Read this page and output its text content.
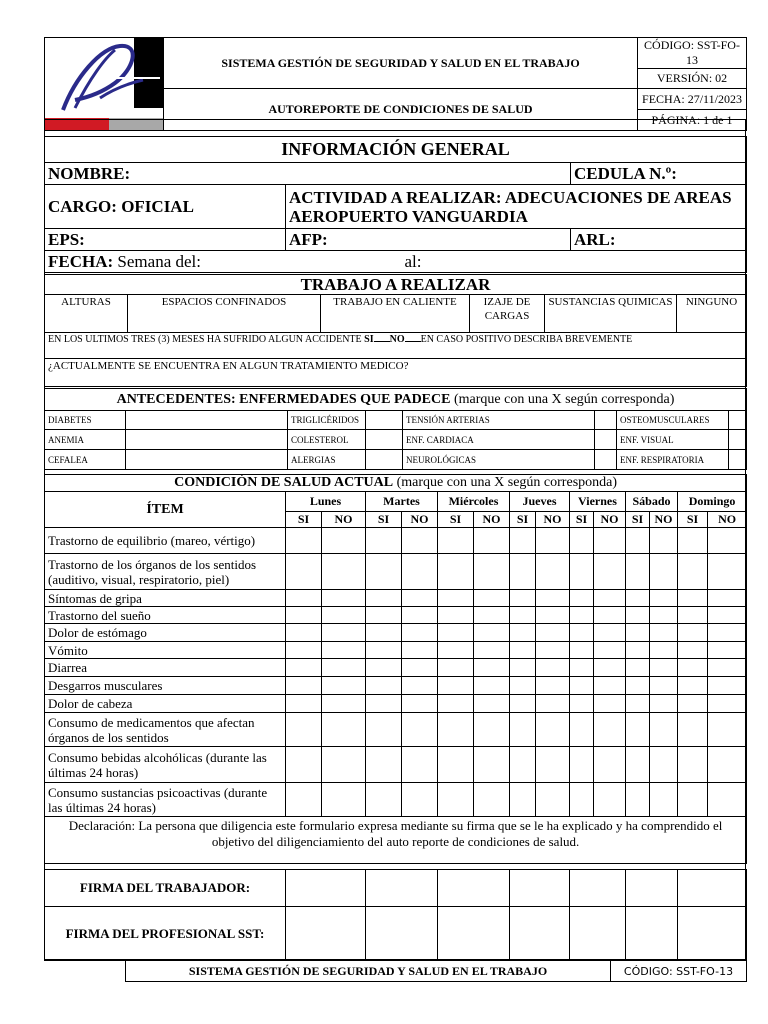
	SISTEMA GESTIÓN DE SEGURIDAD Y SALUD EN EL TRABAJO	CÓDIGO: SST-FO-13
		VERSIÓN: 02
	AUTOREPORTE DE CONDICIONES DE SALUD	FECHA: 27/11/2023
		PÁGINA: 1 de 1
INFORMACIÓN GENERAL		
NOMBRE:		CEDULA N.º:
CARGO: OFICIAL	ACTIVIDAD A REALIZAR: ADECUACIONES DE AREAS AEROPUERTO VANGUARDIA	
EPS:	AFP:	ARL:
FECHA: Semana del: al:		
TRABAJO A REALIZAR
ALTURAS	ESPACIOS CONFINADOS	TRABAJO EN CALIENTE	IZAJE DE CARGAS	SUSTANCIAS QUIMICAS	NINGUNO
EN LOS ULTIMOS TRES (3) MESES HA SUFRIDO ALGUN ACCIDENTE SI NO EN CASO POSITIVO DESCRIBA BREVEMENTE
¿ACTUALMENTE SE ENCUENTRA EN ALGUN TRATAMIENTO MEDICO?
ANTECEDENTES: ENFERMEDADES QUE PADECE (marque con una X según corresponda)							
DIABETES		TRIGLICÉRIDOS		TENSIÓN ARTERIAS		OSTEOMUSCULARES	
ANEMIA		COLESTEROL		ENF. CARDIACA		ENF. VISUAL	
CEFALEA		ALERGIAS		NEUROLÓGICAS		ENF. RESPIRATORIA	
CONDICIÓN DE SALUD ACTUAL (marque con una X según corresponda)														
ÍTEM	Lunes		Martes		Miércoles		Jueves		Viernes		Sábado		Domingo	
	SI	NO	SI	NO	SI	NO	SI	NO	SI	NO	SI	NO	SI	NO
Trastorno de equilibrio (mareo, vértigo)														
Trastorno de los órganos de los sentidos (auditivo, visual, respiratorio, piel)														
Síntomas de gripa														
Trastorno del sueño														
Dolor de estómago														
Vómito														
Diarrea														
Desgarros musculares														
Dolor de cabeza														
Consumo de medicamentos que afectan órganos de los sentidos														
Consumo bebidas alcohólicas (durante las últimas 24 horas)														
Consumo sustancias psicoactivas (durante las últimas 24 horas)														
Declaración: La persona que diligencia este formulario expresa mediante su firma que se le ha explicado y ha comprendido el objetivo del diligenciamiento del auto reporte de condiciones de salud.														
FIRMA DEL TRABAJADOR:							
FIRMA DEL PROFESIONAL SST:							
SISTEMA GESTIÓN DE SEGURIDAD Y SALUD EN EL TRABAJO	CÓDIGO: SST-FO-13
